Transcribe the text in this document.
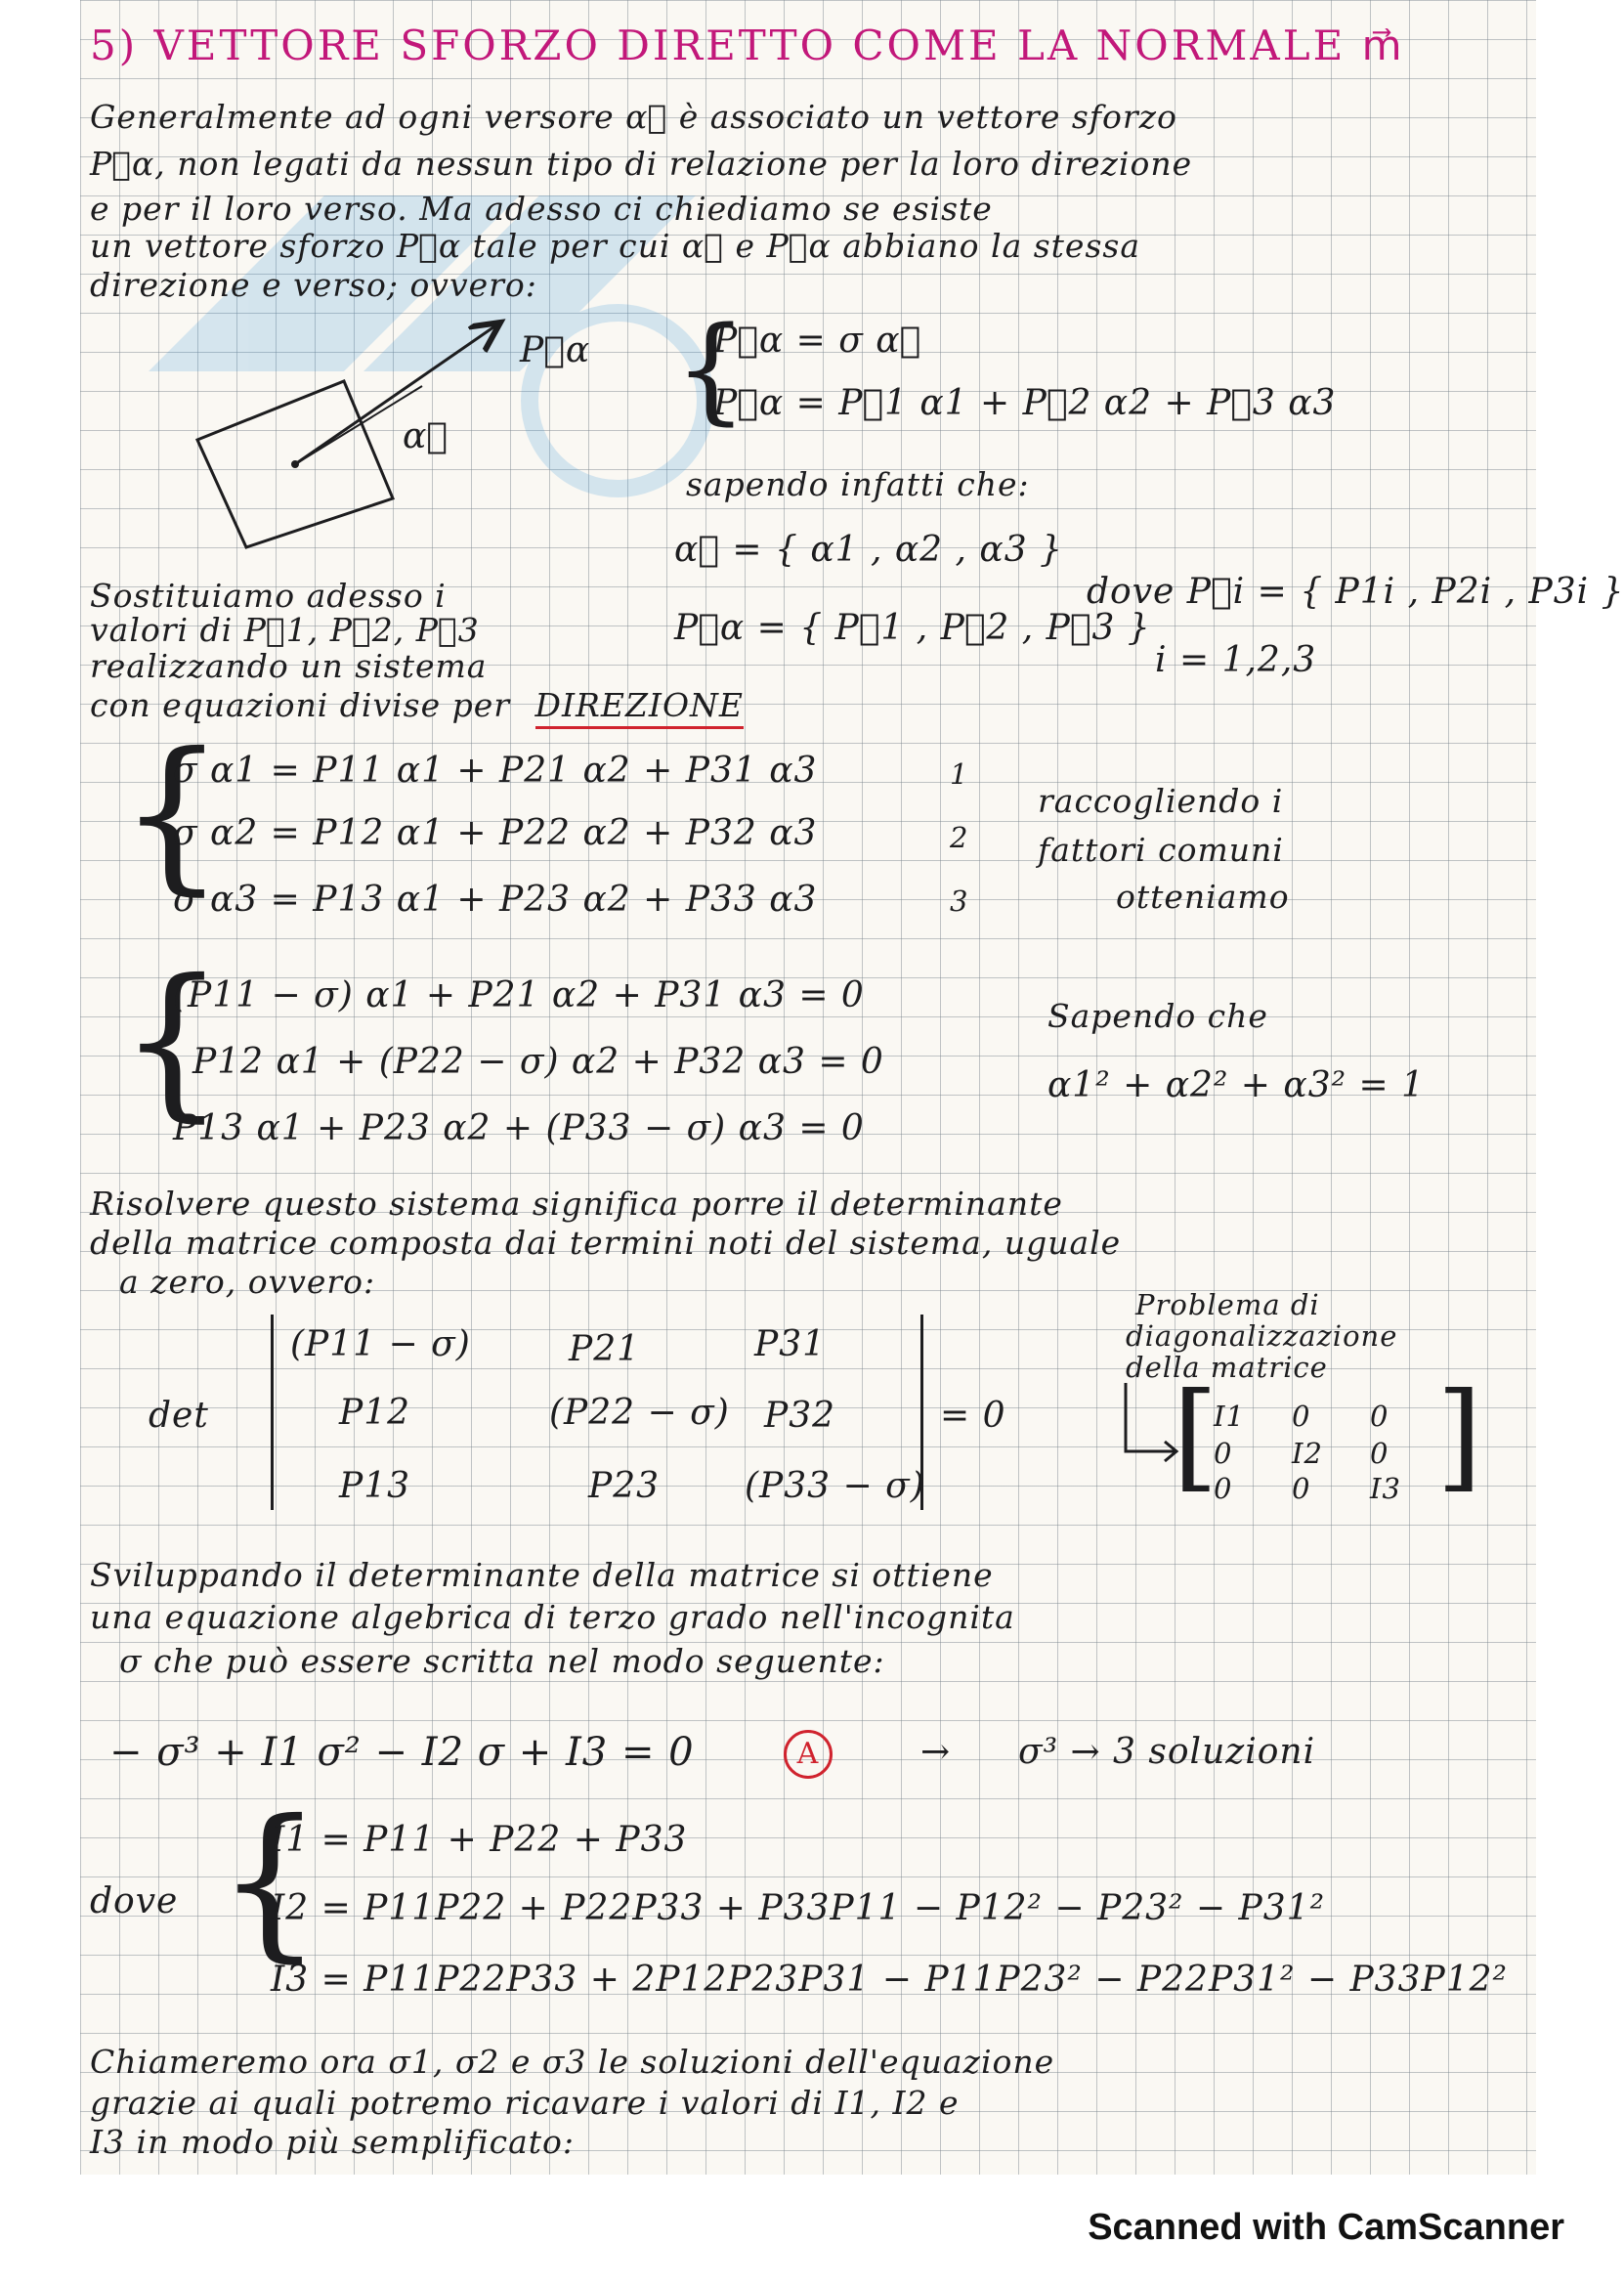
5) VETTORE SFORZO DIRETTO COME LA NORMALE m⃗
Generalmente ad ogni versore α⃗ è associato un vettore sforzo
P⃗α, non legati da nessun tipo di relazione per la loro direzione
e per il loro verso. Ma adesso ci chiediamo se esiste
un vettore sforzo P⃗α tale per cui α⃗ e P⃗α abbiano la stessa
direzione e verso; ovvero:
P⃗α
α⃗
{
P⃗α = σ α⃗
P⃗α = P⃗1 α1 + P⃗2 α2 + P⃗3 α3
sapendo infatti che:
α⃗ = { α1 , α2 , α3 }
P⃗α = { P⃗1 , P⃗2 , P⃗3 }
dove P⃗i = { P1i , P2i , P3i }
i = 1,2,3
Sostituiamo adesso i
valori di P⃗1, P⃗2, P⃗3
realizzando un sistema
con equazioni divise per DIREZIONE
{
σ α1 = P11 α1 + P21 α2 + P31 α3
σ α2 = P12 α1 + P22 α2 + P32 α3
σ α3 = P13 α1 + P23 α2 + P33 α3
1
2
3
raccogliendo i
fattori comuni
otteniamo
{
(P11 − σ) α1 + P21 α2 + P31 α3 = 0
P12 α1 + (P22 − σ) α2 + P32 α3 = 0
P13 α1 + P23 α2 + (P33 − σ) α3 = 0
Sapendo che
α1² + α2² + α3² = 1
Risolvere questo sistema significa porre il determinante
della matrice composta dai termini noti del sistema, uguale
a zero, ovvero:
det
(P11 − σ)	P21	P31
P12	(P22 − σ) P32
P13	P23 (P33 − σ)
= 0
Problema di
diagonalizzazione
della matrice
[ ]
I1 0 0
0 I2 0
0 0 I3
Sviluppando il determinante della matrice si ottiene
una equazione algebrica di terzo grado nell'incognita
σ che può essere scritta nel modo seguente:
− σ³ + I1 σ² − I2 σ + I3 = 0	A	→ σ³ → 3 soluzioni
dove {
I1 = P11 + P22 + P33
I2 = P11P22 + P22P33 + P33P11 − P12² − P23² − P31²
I3 = P11P22P33 + 2P12P23P31 − P11P23² − P22P31² − P33P12²
Chiameremo ora σ1, σ2 e σ3 le soluzioni dell'equazione
grazie ai quali potremo ricavare i valori di I1, I2 e
I3 in modo più semplificato:
Scanned with CamScanner
